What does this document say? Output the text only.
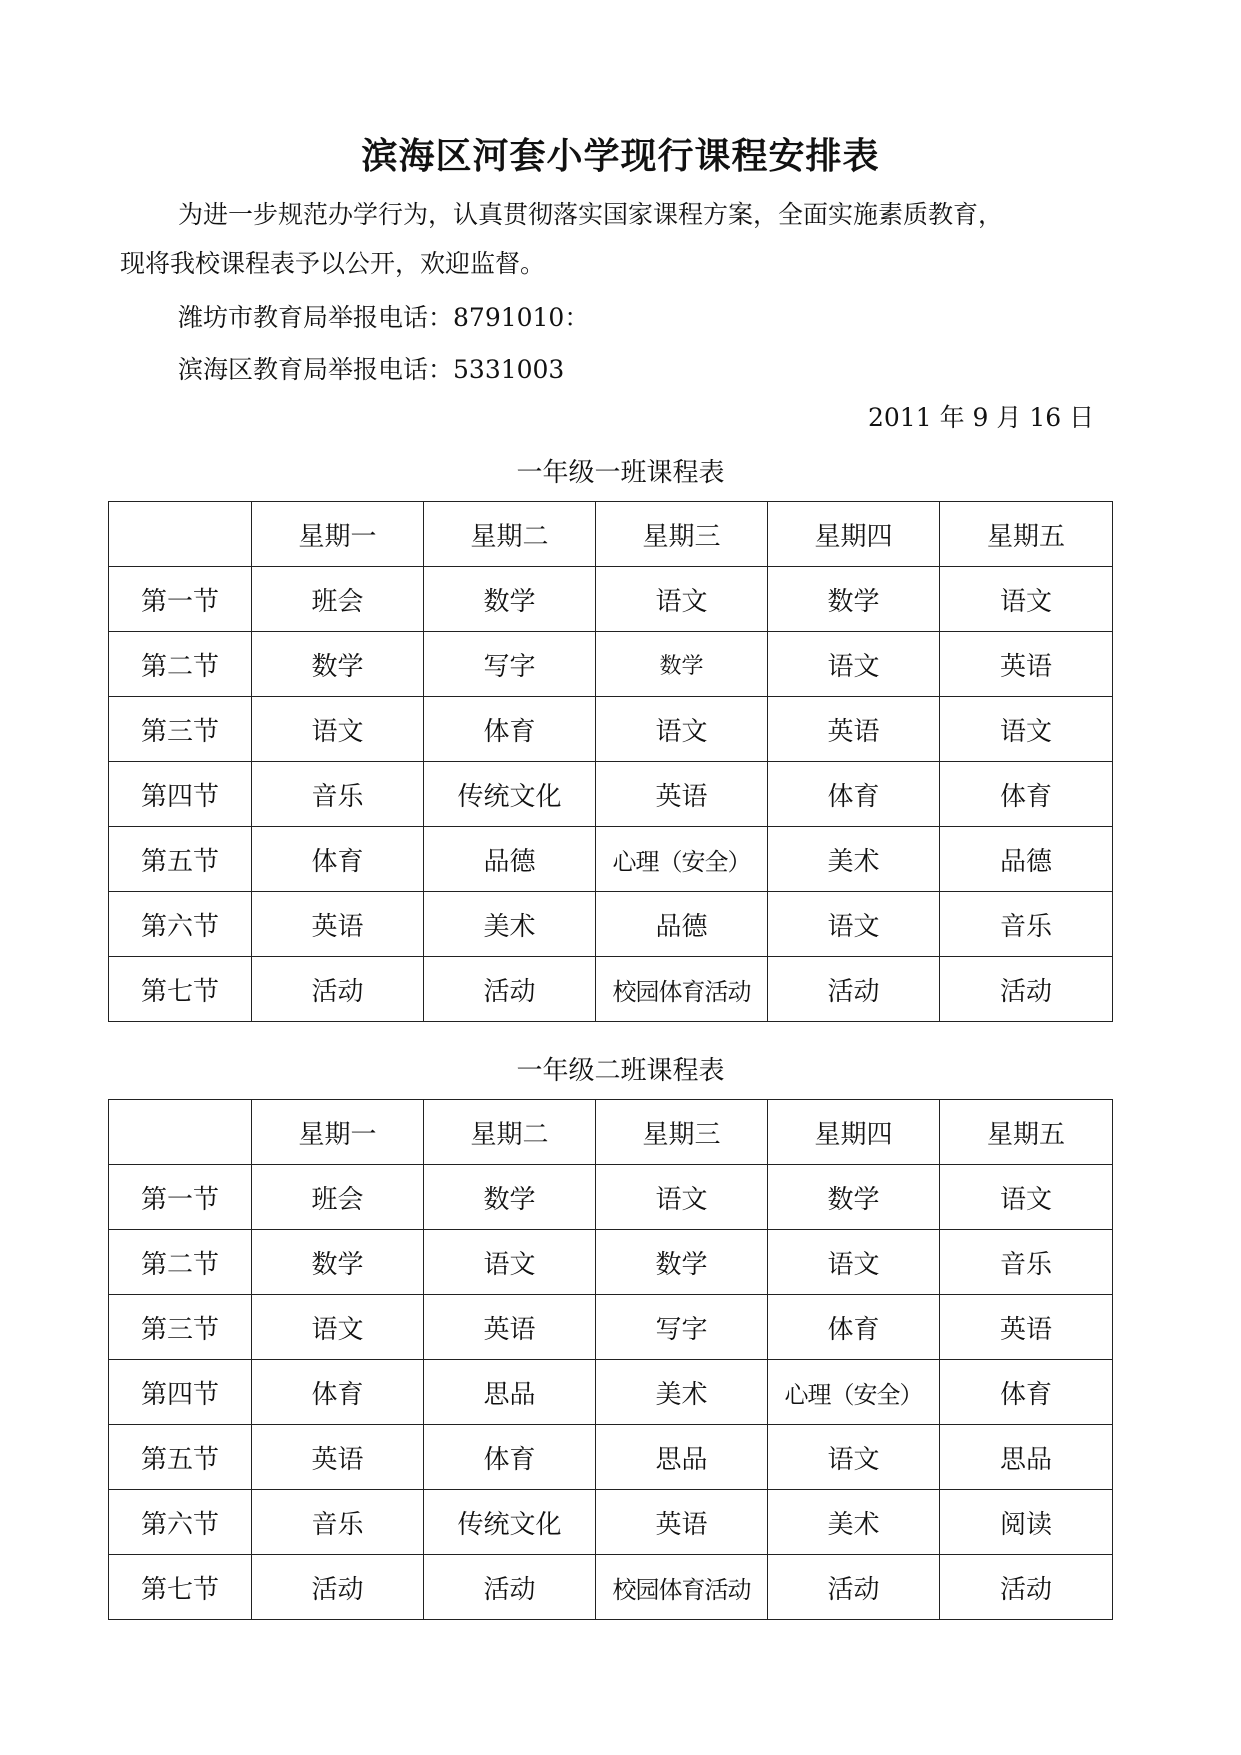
滨海区河套小学现行课程安排表
为进一步规范办学行为，认真贯彻落实国家课程方案，全面实施素质教育，
现将我校课程表予以公开，欢迎监督。
潍坊市教育局举报电话：8791010：
滨海区教育局举报电话：5331003
2011 年 9 月 16 日
一年级一班课程表
	星期一	星期二	星期三	星期四	星期五
第一节	班会	数学	语文	数学	语文
第二节	数学	写字	数学	语文	英语
第三节	语文	体育	语文	英语	语文
第四节	音乐	传统文化	英语	体育	体育
第五节	体育	品德	心理（安全）	美术	品德
第六节	英语	美术	品德	语文	音乐
第七节	活动	活动	校园体育活动	活动	活动
一年级二班课程表
	星期一	星期二	星期三	星期四	星期五
第一节	班会	数学	语文	数学	语文
第二节	数学	语文	数学	语文	音乐
第三节	语文	英语	写字	体育	英语
第四节	体育	思品	美术	心理（安全）	体育
第五节	英语	体育	思品	语文	思品
第六节	音乐	传统文化	英语	美术	阅读
第七节	活动	活动	校园体育活动	活动	活动
